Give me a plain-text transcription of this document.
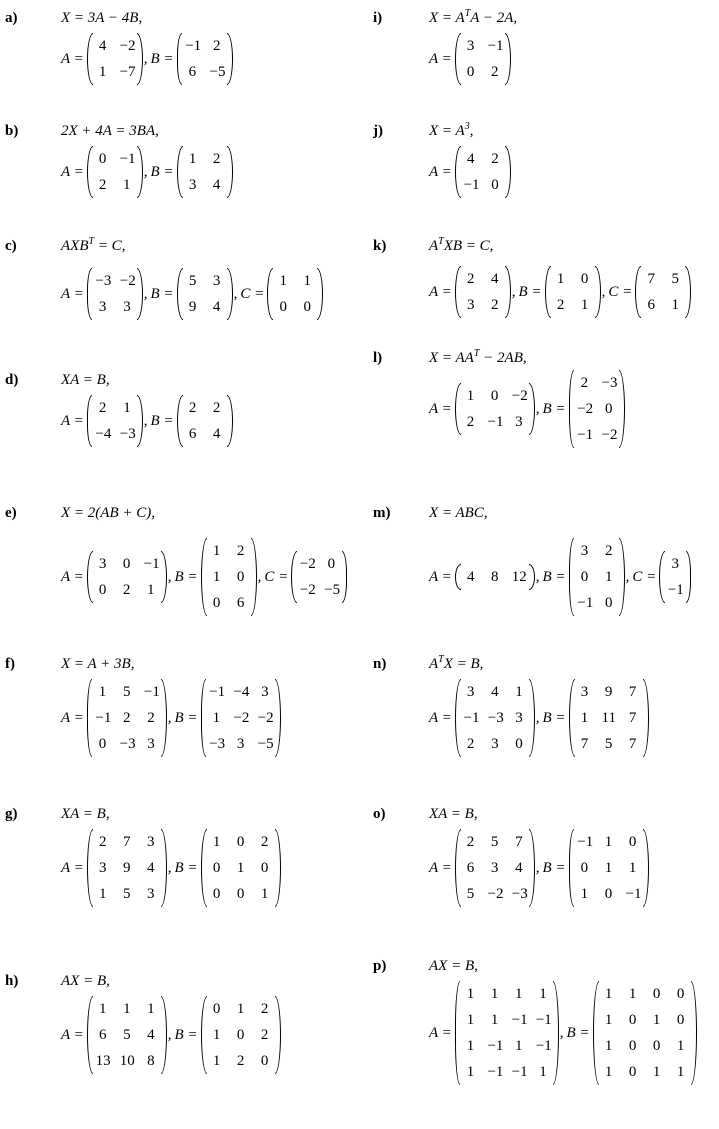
a)	X = 3A − 4B,
A =
4 −2
1 −7
, B =
−1 2
6 −5
b)	2X + 4A = 3BA,
A =
0 −1
2 1
, B =
1 2
3 4
c)	$AXB^T = C$,
A =
−3 −2
3 3
, B =
5 3
9 4
, C =
1 1
0 0
d)	XA = B,
A =
2 1
−4 −3
, B =
2 2
6 4
e)	X = 2(AB + C),
A =
3 0 −1
0 2 1
, B =
1 2
1 0
0 6
, C =
−2 0
−2 −5
f)	X = A + 3B,
A =
1 5 −1
−1 2 2
0 −3 3
, B =
−1 −4 3
1 −2 −2
−3 3 −5
g)	XA = B,
A =
2 7 3
3 9 4
1 5 3
, B =
1 0 2
0 1 0
0 0 1
h)	AX = B,
A =
1 1 1
6 5 4
13 10 8
, B =
0 1 2
1 0 2
1 2 0
i)	$X = A^TA - 2A$,
A =
3 −1
0 2
j)	$X = A^3$,
A =
4 2
−1 0
k)	$A^TXB = C$,
A =
2 4
3 2
, B =
1 0
2 1
, C =
7 5
6 1
l)	$X = AA^T - 2AB$,
A =
1 0 −2
2 −1 3
, B =
2 −3
−2 0
−1 −2
m)	X = ABC,
A = 4 8 12 , B =
3 2
0 1
−1 0
, C =
3
−1
n)	$A^TX = B$,
A =
3 4 1
−1 −3 3
2 3 0
, B =
3 9 7
1 11 7
7 5 7
o)	XA = B,
A =
2 5 7
6 3 4
5 −2 −3
, B =
−1 1 0
0 1 1
1 0 −1
p)	AX = B,
A =
1 1 1 1
1 1 −1 −1
1 −1 1 −1
1 −1 −1 1
, B =
1 1 0 0
1 0 1 0
1 0 0 1
1 0 1 1
